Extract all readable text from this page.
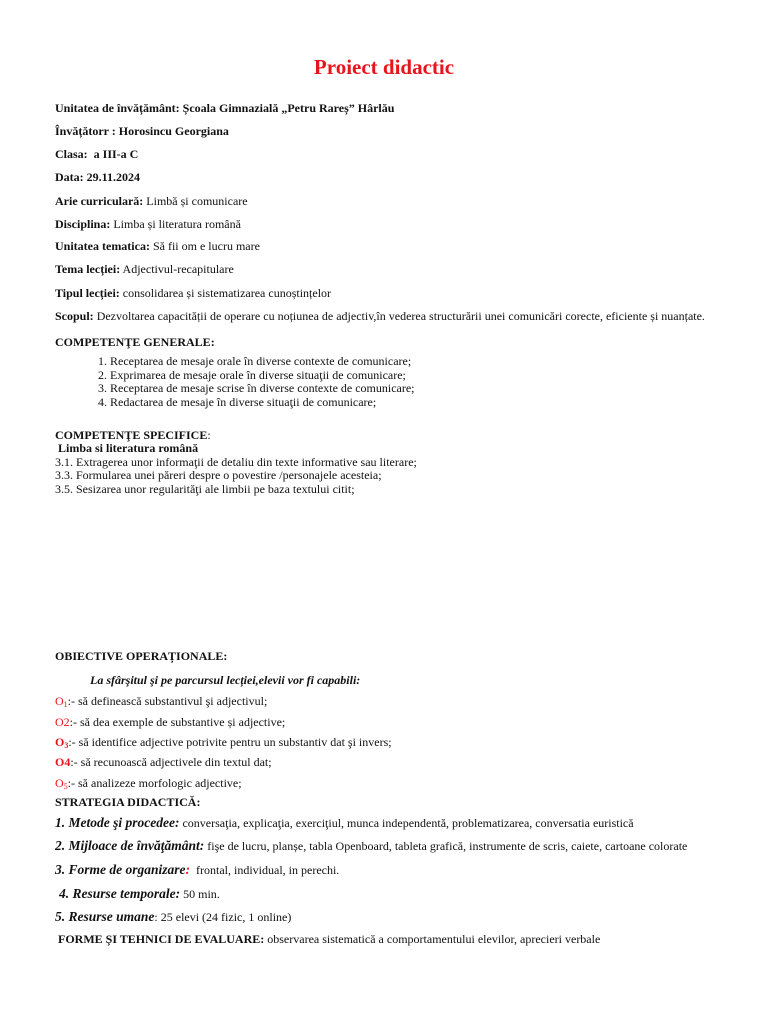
Proiect didactic
Unitatea de învățământ: Școala Gimnazială „Petru Rareș” Hârlău
Învățătorr : Horosincu Georgiana
Clasa: a III-a C
Data: 29.11.2024
Arie curriculară: Limbă și comunicare
Disciplina: Limba și literatura română
Unitatea tematica: Să fii om e lucru mare
Tema lecției: Adjectivul-recapitulare
Tipul lecției: consolidarea și sistematizarea cunoștințelor
Scopul: Dezvoltarea capacității de operare cu noțiunea de adjectiv,în vederea structurării unei comunicări corecte, eficiente și nuanțate.
COMPETENŢE GENERALE:
1. Receptarea de mesaje orale în diverse contexte de comunicare;
2. Exprimarea de mesaje orale în diverse situaţii de comunicare;
3. Receptarea de mesaje scrise în diverse contexte de comunicare;
4. Redactarea de mesaje în diverse situaţii de comunicare;
COMPETENŢE SPECIFICE:
Limba si literatura română
3.1. Extragerea unor informaţii de detaliu din texte informative sau literare;
3.3. Formularea unei păreri despre o povestire /personajele acesteia;
3.5. Sesizarea unor regularităţi ale limbii pe baza textului citit;
OBIECTIVE OPERAȚIONALE:
La sfârşitul şi pe parcursul lecției,elevii vor fi capabili:
$O_1:-$ să definească substantivul şi adjectivul;
O2:- să dea exemple de substantive și adjective;
$O_3:-$ să identifice adjective potrivite pentru un substantiv dat şi invers;
O4:- să recunoască adjectivele din textul dat;
$O_5:-$ să analizeze morfologic adjective;
STRATEGIA DIDACTICĂ:
1. Metode şi procedee: conversaţia, explicaţia, exerciţiul, munca independentă, problematizarea, conversatia euristică
2. Mijloace de învăţământ: fişe de lucru, planșe, tabla Openboard, tableta grafică, instrumente de scris, caiete, cartoane colorate
3. Forme de organizare: frontal, individual, in perechi.
4. Resurse temporale: 50 min.
5. Resurse umane: 25 elevi (24 fizic, 1 online)
FORME ȘI TEHNICI DE EVALUARE: observarea sistematică a comportamentului elevilor, aprecieri verbale
